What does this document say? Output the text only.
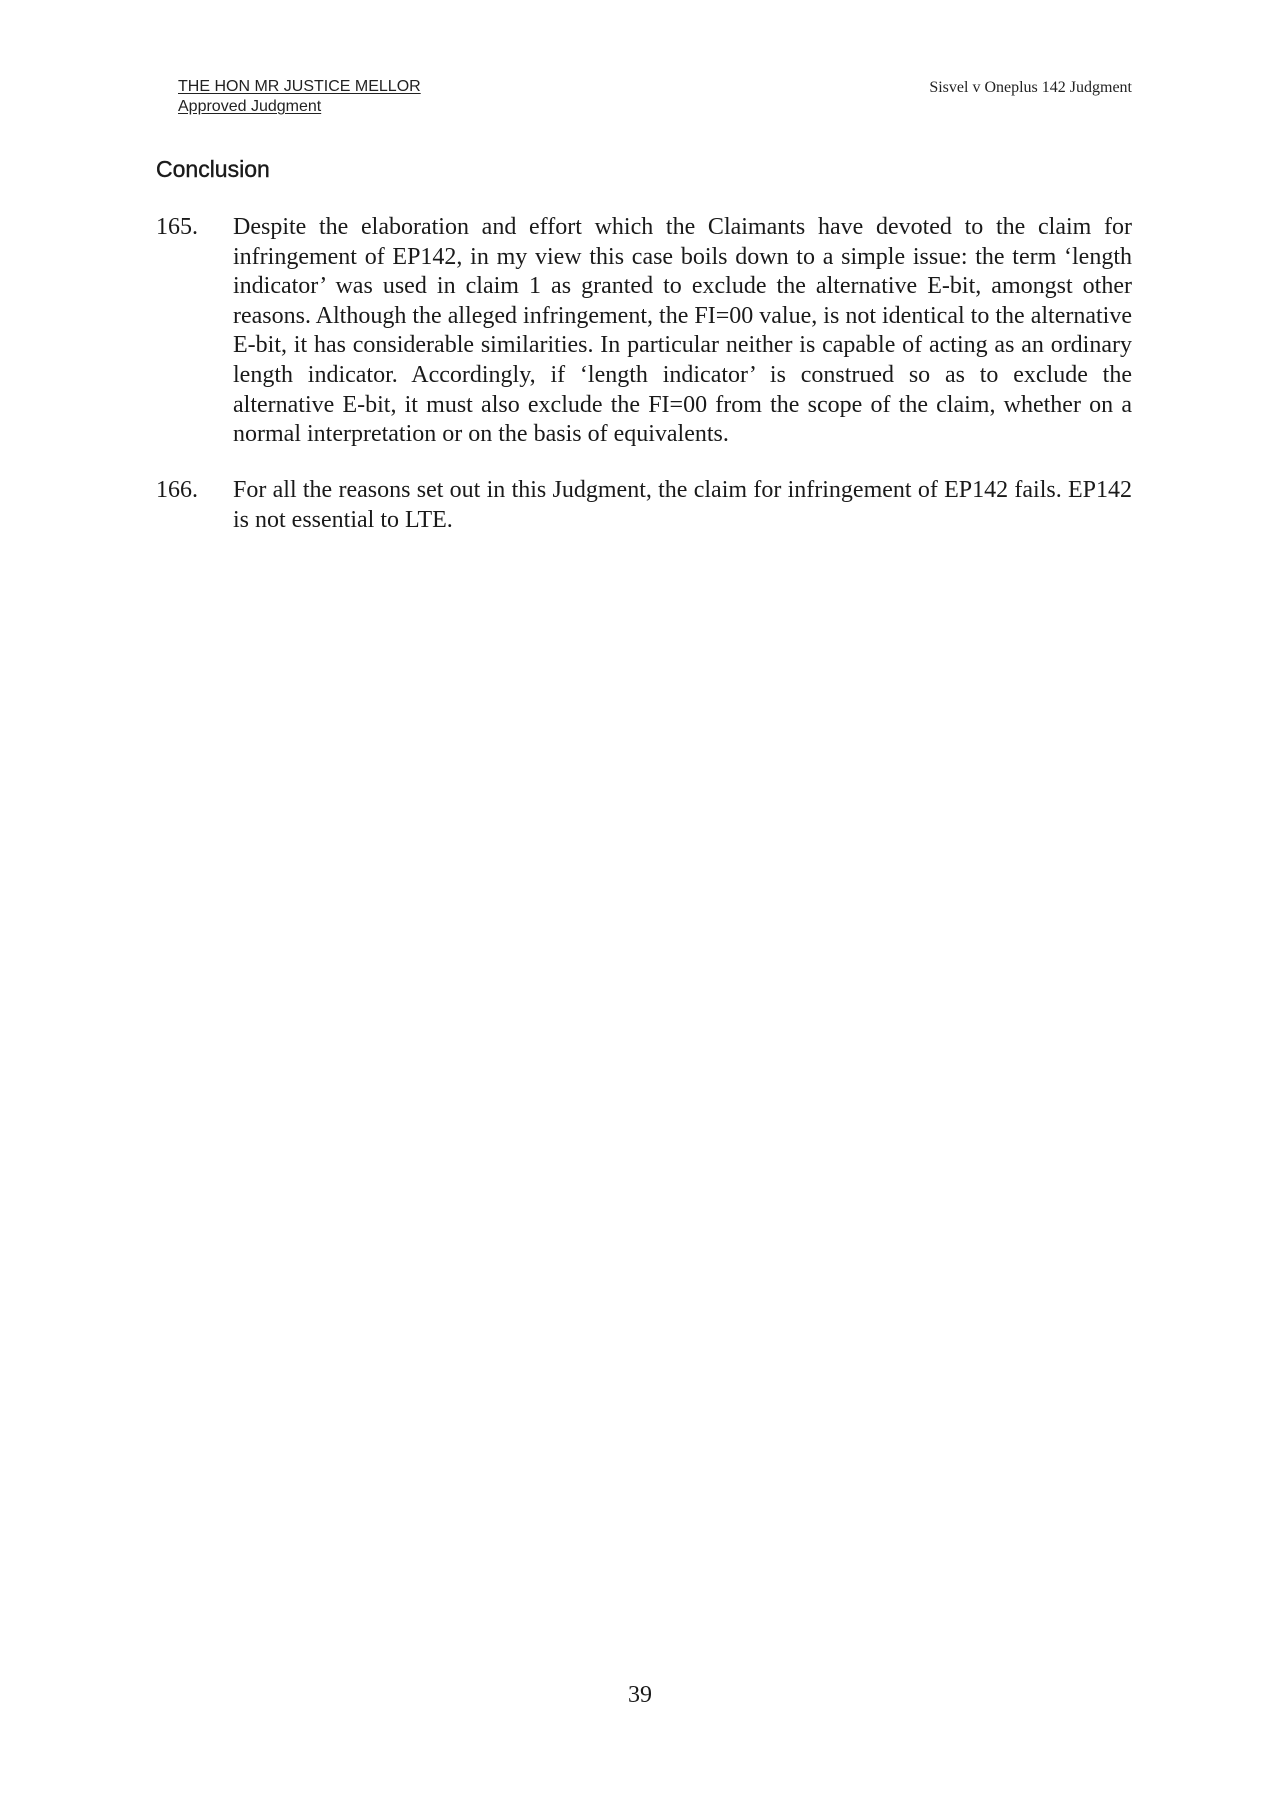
THE HON MR JUSTICE MELLOR
Approved Judgment
Sisvel v Oneplus 142 Judgment
Conclusion
165.	Despite the elaboration and effort which the Claimants have devoted to the claim for infringement of EP142, in my view this case boils down to a simple issue: the term ‘length indicator’ was used in claim 1 as granted to exclude the alternative E-bit, amongst other reasons. Although the alleged infringement, the FI=00 value, is not identical to the alternative E-bit, it has considerable similarities. In particular neither is capable of acting as an ordinary length indicator. Accordingly, if ‘length indicator’ is construed so as to exclude the alternative E-bit, it must also exclude the FI=00 from the scope of the claim, whether on a normal interpretation or on the basis of equivalents.
166.	For all the reasons set out in this Judgment, the claim for infringement of EP142 fails. EP142 is not essential to LTE.
39
